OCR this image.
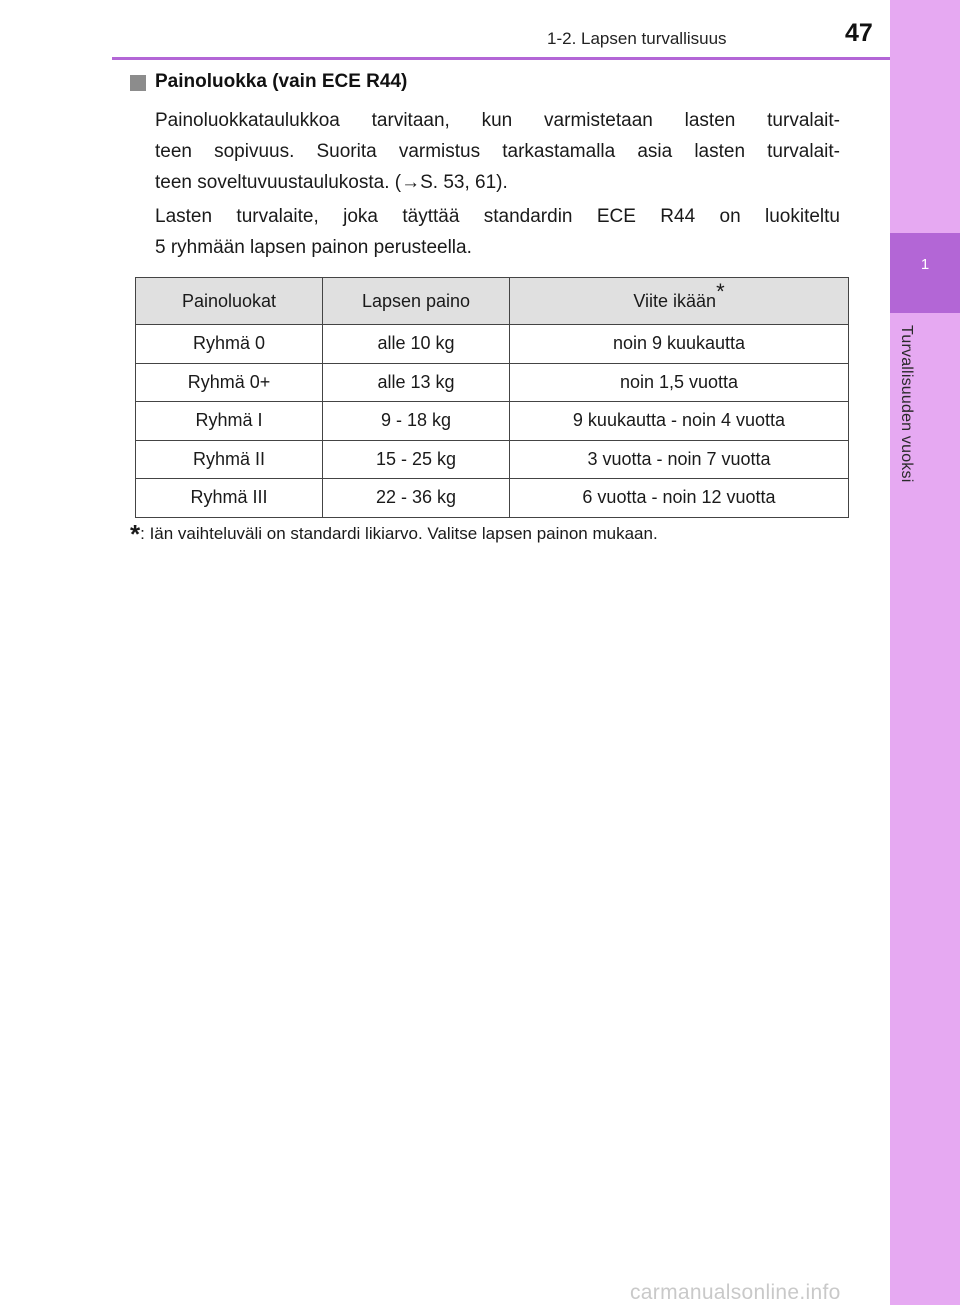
1
Turvallisuuden vuoksi
1-2. Lapsen turvallisuus	47
Painoluokka (vain ECE R44)
Painoluokkataulukkoa tarvitaan, kun varmistetaan lasten turvalait-
teen sopivuus. Suorita varmistus tarkastamalla asia lasten turvalait-
teen soveltuvuustaulukosta. (→S. 53, 61).
Lasten turvalaite, joka täyttää standardin ECE R44 on luokiteltu
5 ryhmään lapsen painon perusteella.
Painoluokat	Lapsen paino	Viite ikään*
Ryhmä 0	alle 10 kg	noin 9 kuukautta
Ryhmä 0+	alle 13 kg	noin 1,5 vuotta
Ryhmä I	9 - 18 kg	9 kuukautta - noin 4 vuotta
Ryhmä II	15 - 25 kg	3 vuotta - noin 7 vuotta
Ryhmä III	22 - 36 kg	6 vuotta - noin 12 vuotta
*: Iän vaihteluväli on standardi likiarvo. Valitse lapsen painon mukaan.
carmanualsonline.info
